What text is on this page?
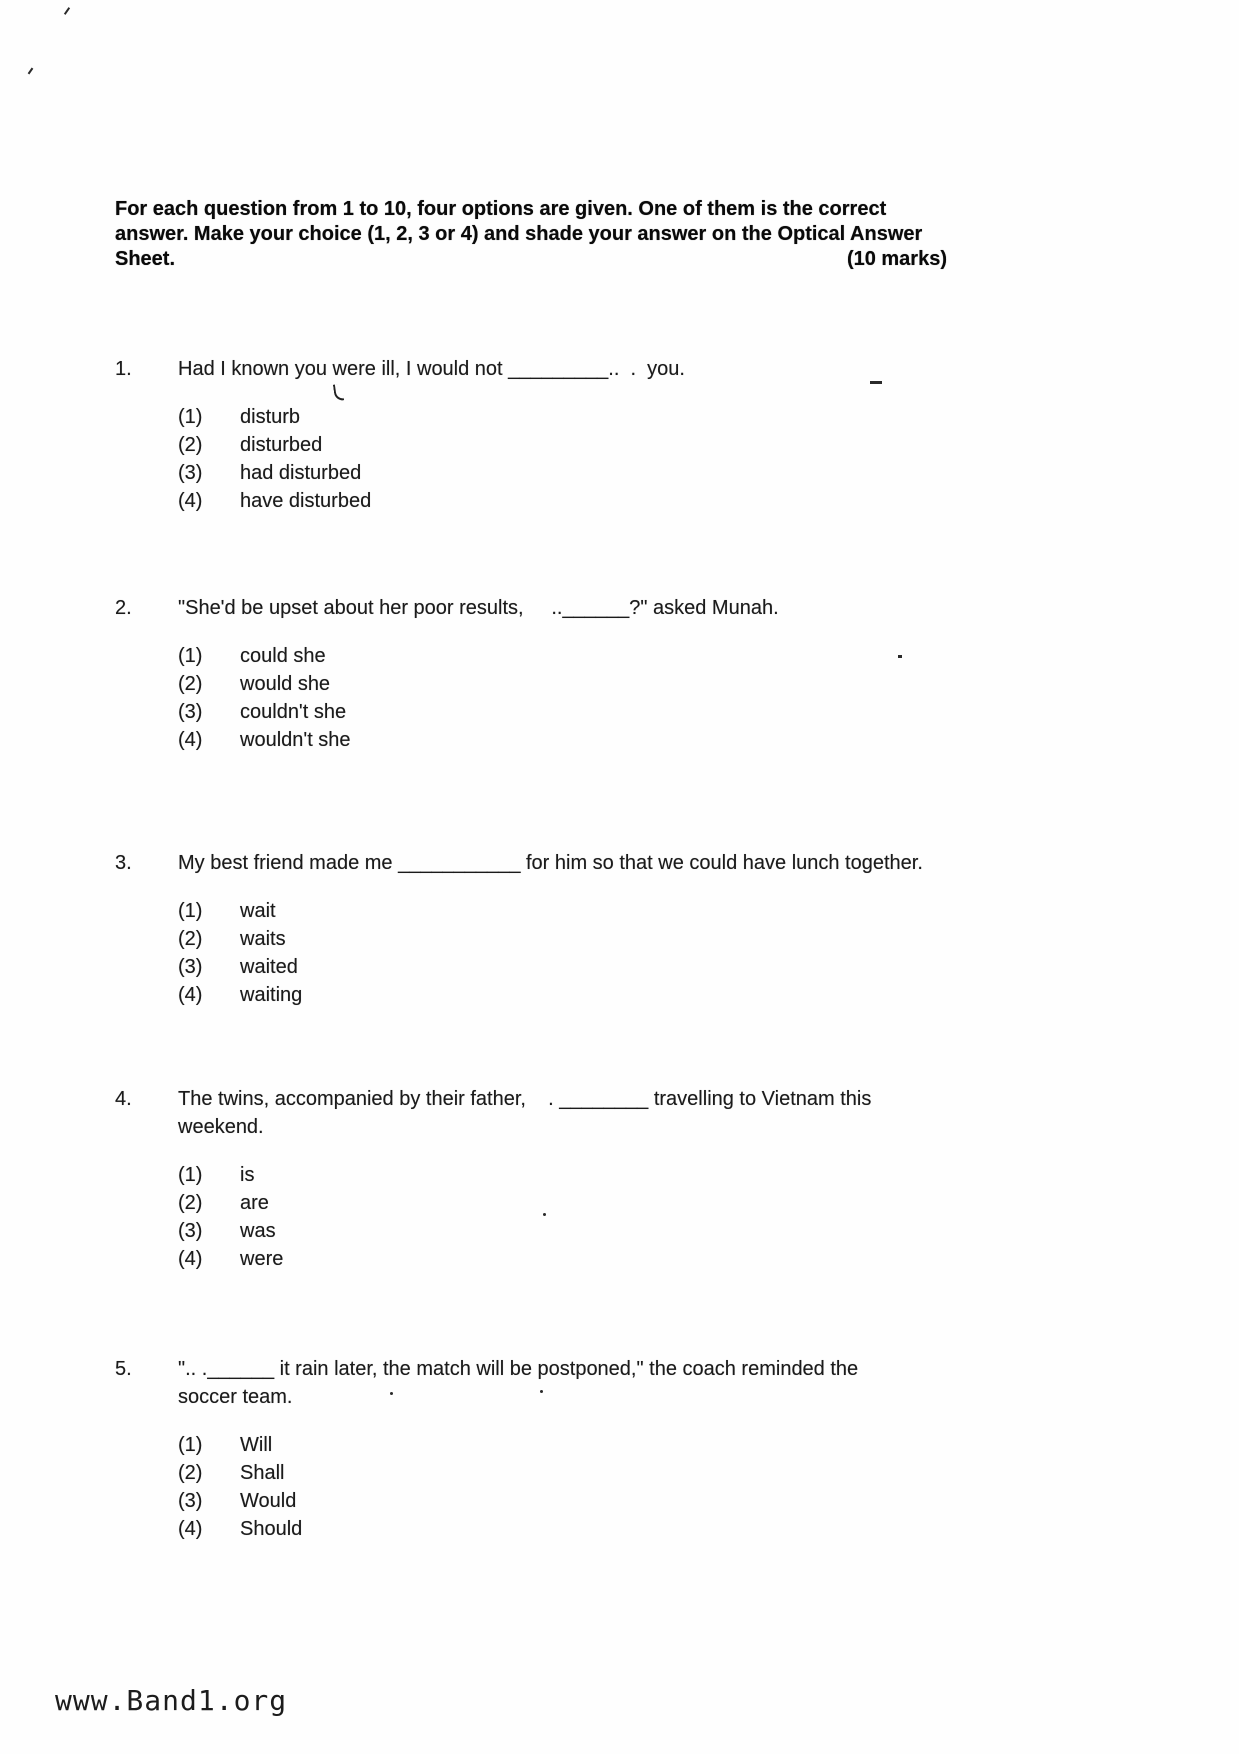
For each question from 1 to 10, four options are given. One of them is the correct
answer. Make your choice (1, 2, 3 or 4) and shade your answer on the Optical Answer
Sheet.	(10 marks)
1.	Had I known you were ill, I would not _________..  .  you.
(1)	disturb
(2)	disturbed
(3)	had disturbed
(4)	have disturbed
2.	"She'd be upset about her poor results,     ..______?" asked Munah.
(1)	could she
(2)	would she
(3)	couldn't she
(4)	wouldn't she
3.	My best friend made me ___________ for him so that we could have lunch together.
(1)	wait
(2)	waits
(3)	waited
(4)	waiting
4.	The twins, accompanied by their father,    . ________ travelling to Vietnam this
weekend.
(1)	is
(2)	are
(3)	was
(4)	were
5.	".. .______ it rain later, the match will be postponed," the coach reminded the
soccer team.
(1)	Will
(2)	Shall
(3)	Would
(4)	Should
www.Band1.org
